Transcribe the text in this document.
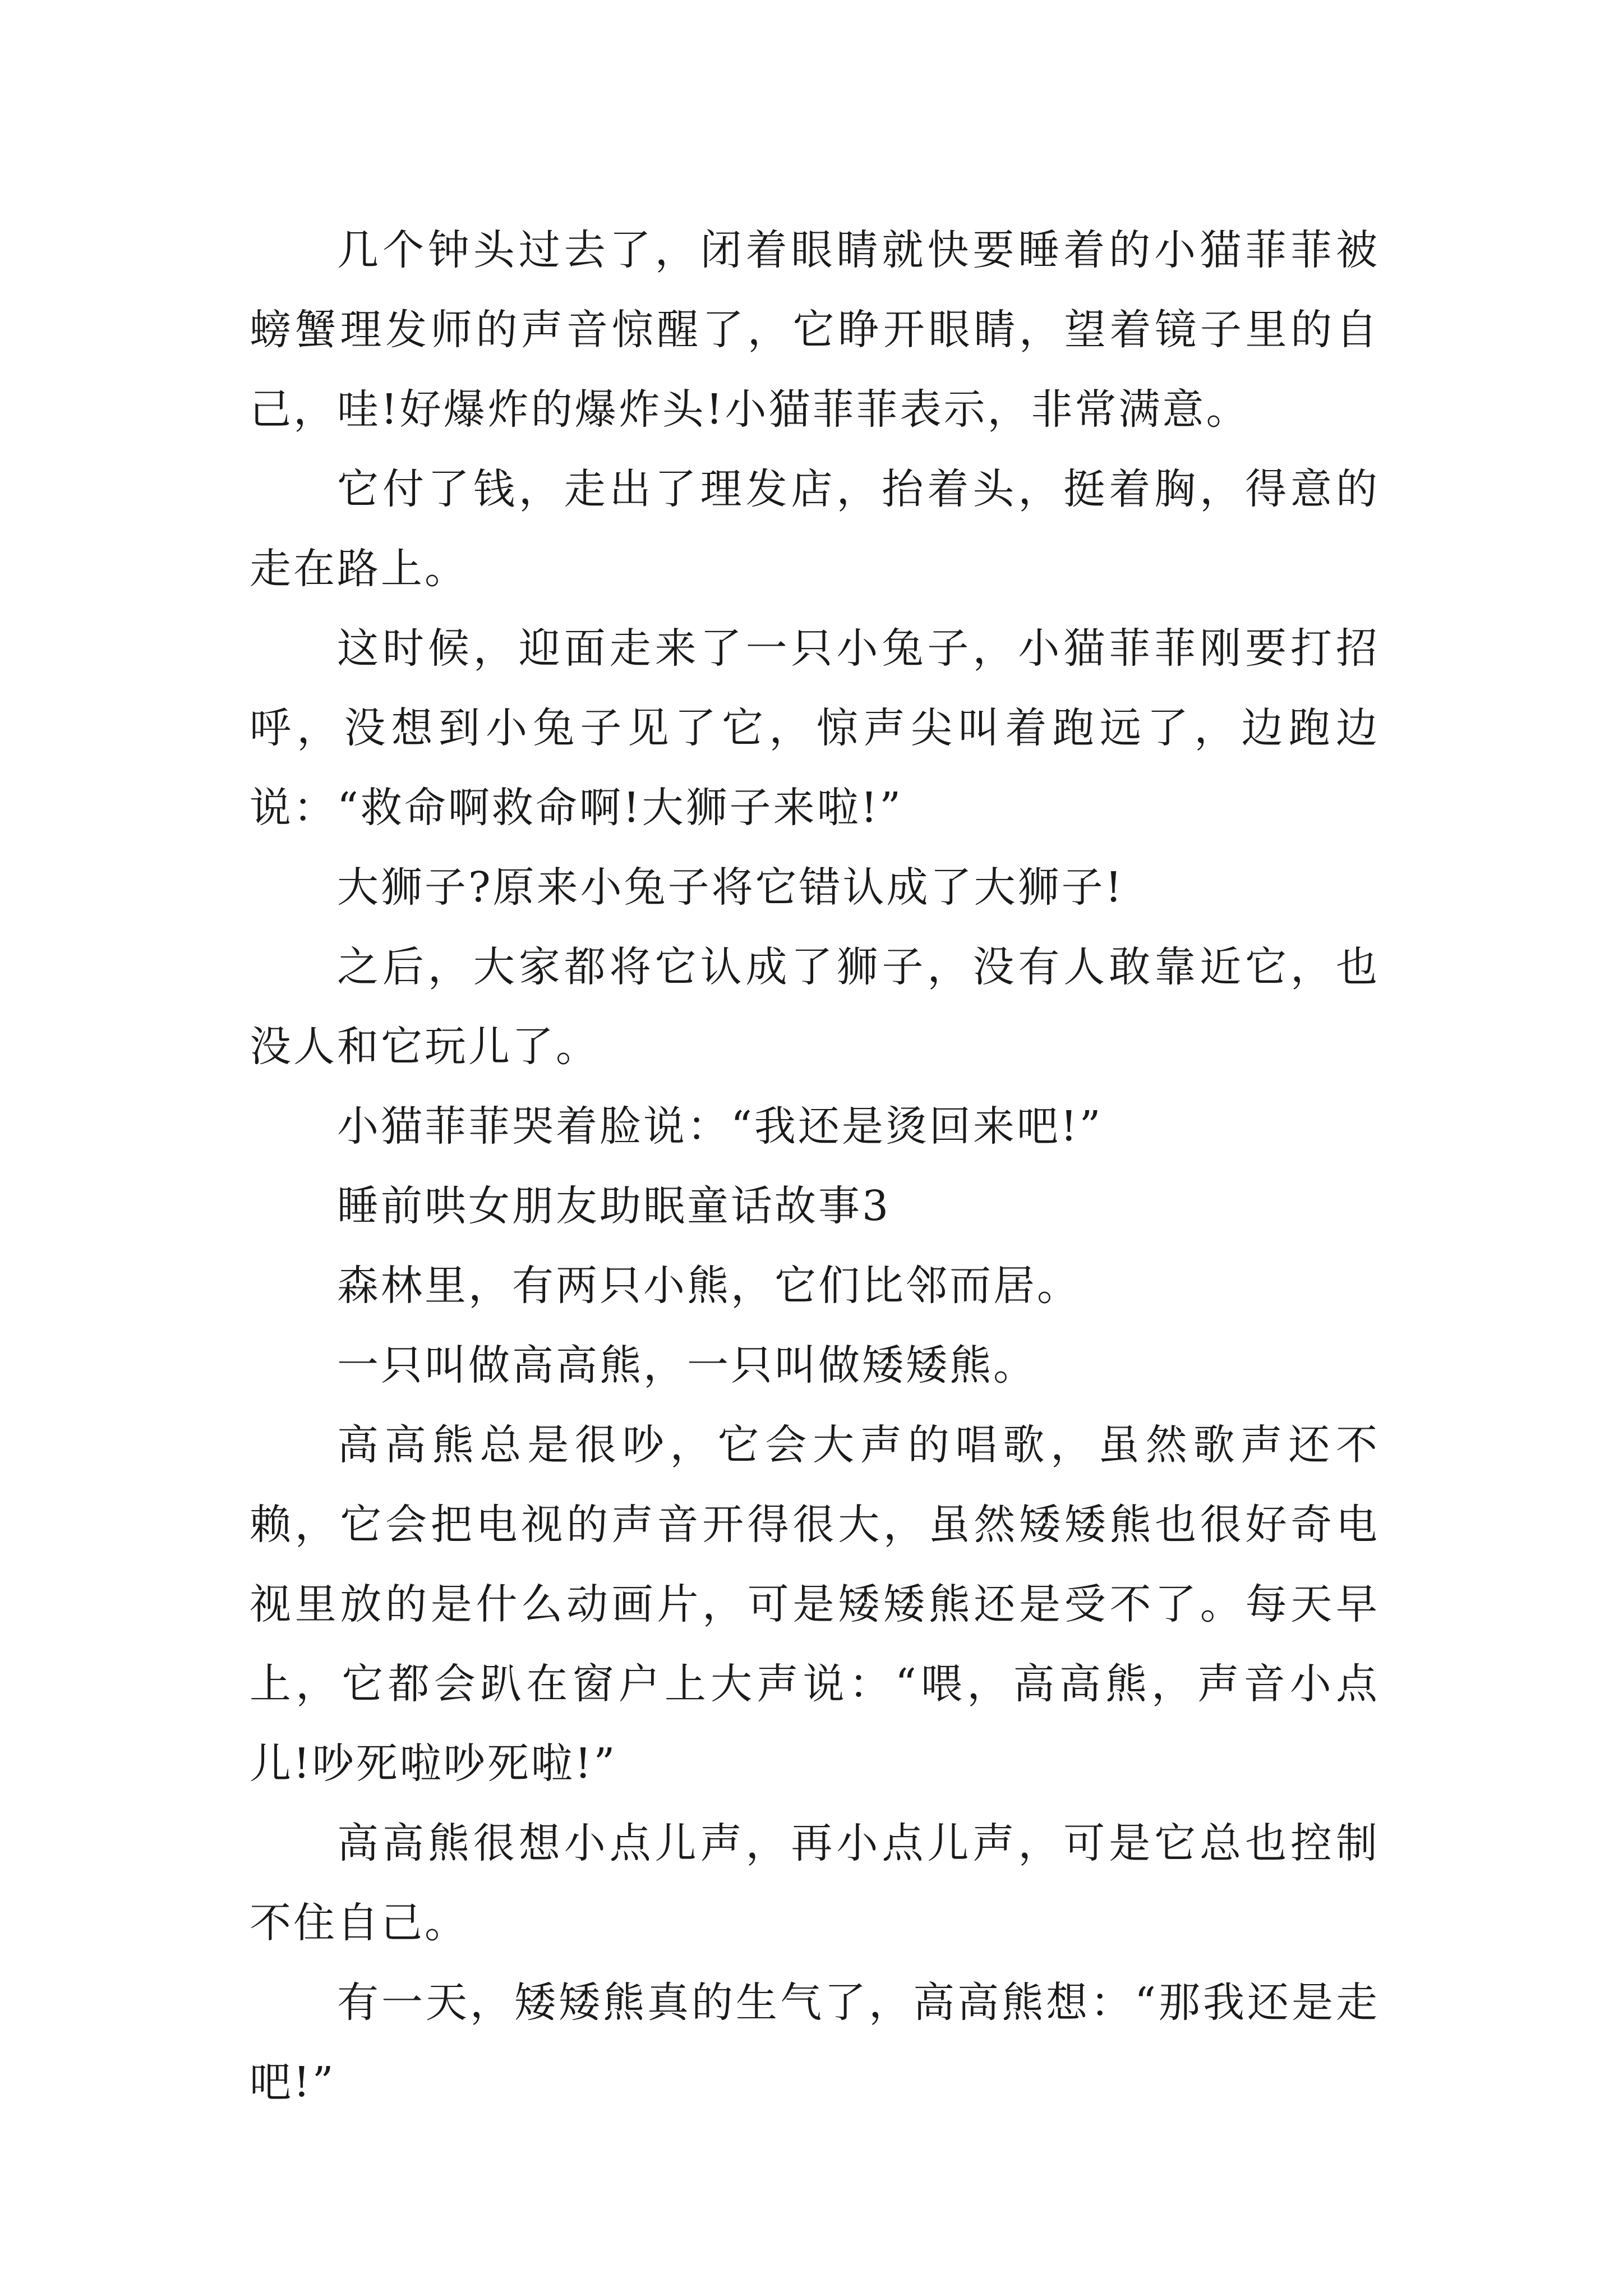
几个钟头过去了，闭着眼睛就快要睡着的小猫菲菲被螃蟹理发师的声音惊醒了，它睁开眼睛，望着镜子里的自己，哇!好爆炸的爆炸头!小猫菲菲表示，非常满意。

它付了钱，走出了理发店，抬着头，挺着胸，得意的走在路上。

这时候，迎面走来了一只小兔子，小猫菲菲刚要打招呼，没想到小兔子见了它，惊声尖叫着跑远了，边跑边说：“救命啊救命啊!大狮子来啦!”

大狮子?原来小兔子将它错认成了大狮子!

之后，大家都将它认成了狮子，没有人敢靠近它，也没人和它玩儿了。

小猫菲菲哭着脸说：“我还是烫回来吧!”

睡前哄女朋友助眠童话故事3

森林里，有两只小熊，它们比邻而居。

一只叫做高高熊，一只叫做矮矮熊。

高高熊总是很吵，它会大声的唱歌，虽然歌声还不赖，它会把电视的声音开得很大，虽然矮矮熊也很好奇电视里放的是什么动画片，可是矮矮熊还是受不了。每天早上，它都会趴在窗户上大声说：“喂，高高熊，声音小点儿!吵死啦吵死啦!”

高高熊很想小点儿声，再小点儿声，可是它总也控制不住自己。

有一天，矮矮熊真的生气了，高高熊想：“那我还是走吧!”
